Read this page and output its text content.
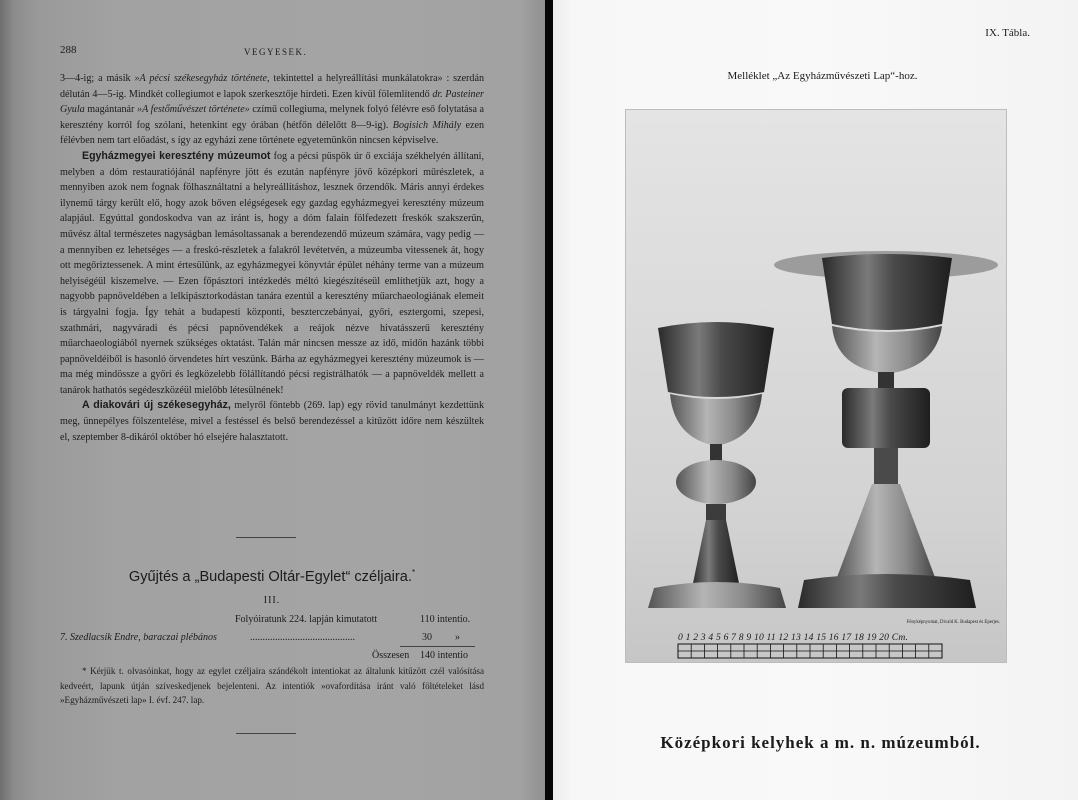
288	VEGYESEK.

3—4-ig; a másik »A pécsi székesegyház története, tekintettel a helyreállítási munkálatokra» : szerdán délután 4—5-ig. Mindkét collegiumot e lapok szerkesztője hirdeti. Ezen kívül fölemlítendő dr. Pasteiner Gyula magántanár »A festőművészet története» czímű collegiuma, melynek folyó félévre eső folytatása a keresztény korról fog szólani, hetenkint egy órában (hétfőn délelőtt 8—9-ig). Bogisich Mihály ezen félévben nem tart előadást, s így az egyházi zene története egyetemünkön nincsen képviselve.

Egyházmegyei keresztény múzeumot fog a pécsi püspök úr ő exciája székhelyén állítani, melyben a dóm restauratiójánál napfényre jött és ezután napfényre jövő középkori műrészletek, a mennyiben azok nem fognak fölhasználtatni a helyreállításhoz, lesznek őrzendők. Máris annyi érdekes ilynemű tárgy került elő, hogy azok bőven elégségesek egy gazdag egyházmegyei keresztény múzeum alapjául. Egyúttal gondoskodva van az iránt is, hogy a dóm falain fölfedezett freskók szakszerűn, művész által természetes nagyságban lemásoltassanak a berendezendő múzeum számára, vagy pedig — a mennyiben ez lehetséges — a freskó-részletek a falakról levétetvén, a múzeumba vitessenek át, hogy ott megőriztessenek. A mint értesülünk, az egyházmegyei könyvtár épület néhány terme van a múzeum helyiségéül kiszemelve. — Ezen főpásztori intézkedés méltó kiegészítéseül említhetjük azt, hogy a nagyobb papnöveldében a lelkipásztorkodástan tanára ezentúl a keresztény műarchaeologiának elemeit is tárgyalni fogja. Így tehát a budapesti központi, beszterczebányai, győri, esztergomi, szepesi, szathmári, nagyváradi és pécsi papnövendékek a reájok nézve hivatásszerű keresztény műarchaeologiából nyernek szükséges oktatást. Talán már nincsen messze az idő, midőn hazánk többi papnöveldéiből is hasonló örvendetes hírt veszünk. Bárha az egyházmegyei keresztény múzeumok is — ma még mindössze a győri és legközelebb fölállítandó pécsi registrálhatók — a papnöveldék mellett a tanárok hathatós segédeszközéül mielőbb létesülnének!

A diakovári új székesegyház, melyről föntebb (269. lap) egy rövid tanulmányt kezdettünk meg, ünnepélyes fölszentelése, mivel a festéssel és belső berendezéssel a kitűzött időre nem készültek el, szeptember 8-dikáról október hó elsejére halasztatott.

Gyűjtés a „Budapesti Oltár-Egylet“ czéljaira.*
III.
Folyóiratunk 224. lapján kimutatott	110 intentio.
7. Szedlacsik Endre, baraczai plébános	..........................................	30 »
Összesen 140 intentio

* Kérjük t. olvasóinkat, hogy az egylet czéljaira szándékolt intentiokat az általunk kitűzött czél valósítása kedveért, lapunk útján szíveskedjenek bejelenteni. Az intentiók »ovafordítása iránt való föltételeket lásd »Egyházművészeti lap» I. évf. 247. lap.

IX. Tábla.
Melléklet „Az Egyházművészeti Lap“-hoz.
Fényképnyomat, Divald K. Budapest és Eperjes.
0 1 2 3 4 5 6 7 8 9 10 11 12 13 14 15 16 17 18 19 20 Cm.
Középkori kelyhek a m. n. múzeumból.
